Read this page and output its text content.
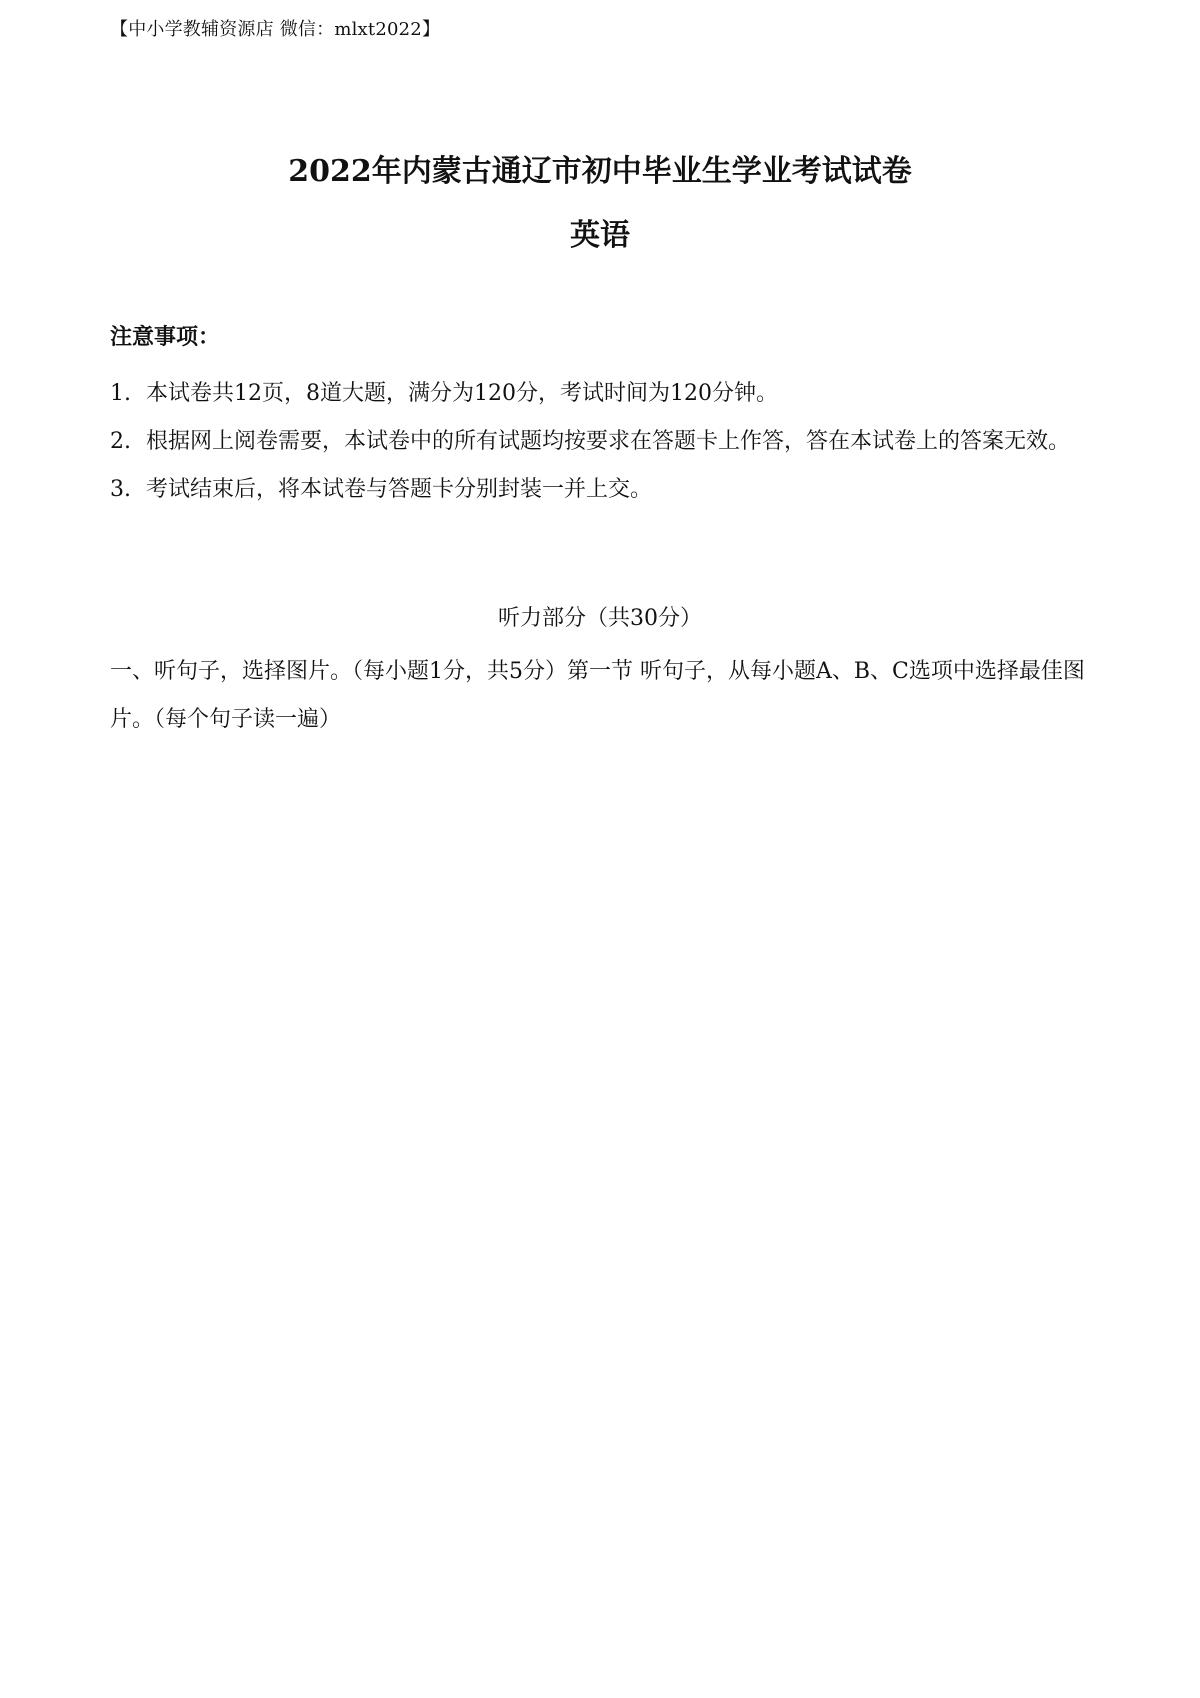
【中小学教辅资源店 微信：mlxt2022】
2022年内蒙古通辽市初中毕业生学业考试试卷
英语
注意事项：
1. 本试卷共12页，8道大题，满分为120分，考试时间为120分钟。
2. 根据网上阅卷需要，本试卷中的所有试题均按要求在答题卡上作答，答在本试卷上的答案无效。
3. 考试结束后，将本试卷与答题卡分别封装一并上交。
听力部分（共30分）

一、听句子，选择图片。（每小题1分，共5分）第一节 听句子，从每小题A、B、C选项中选择最佳图片。（每个句子读一遍）
